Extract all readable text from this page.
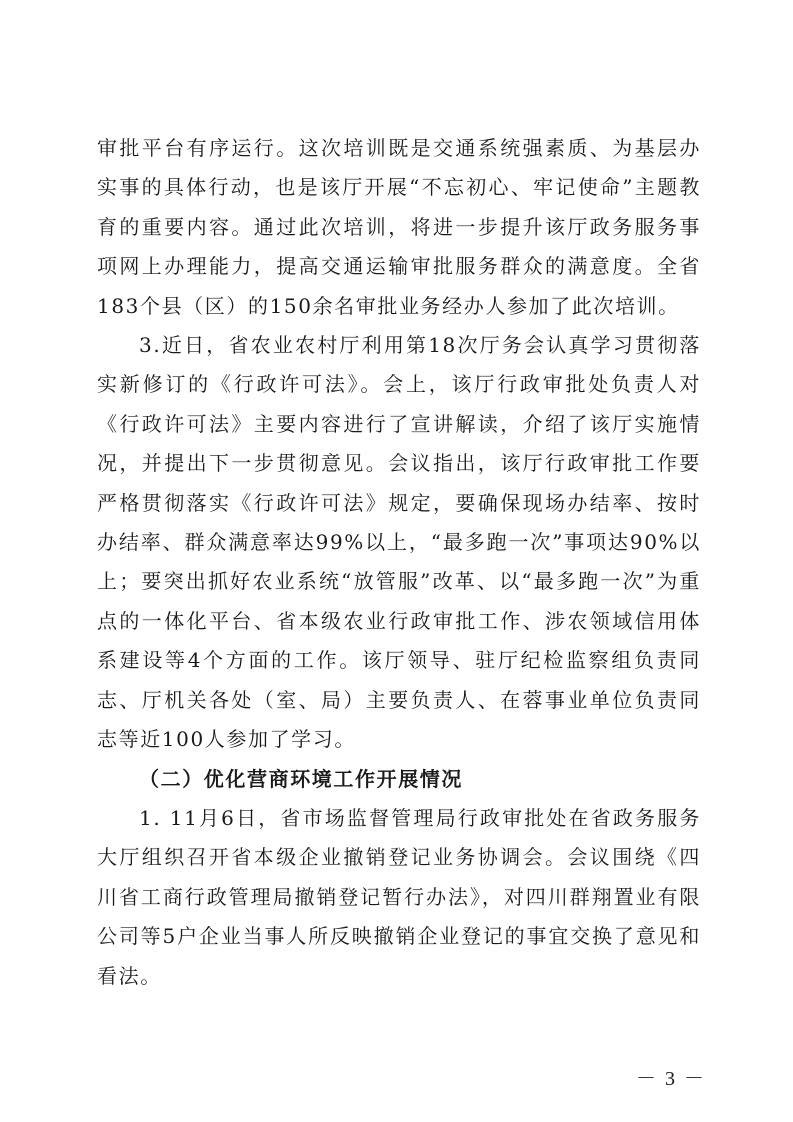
审批平台有序运行。这次培训既是交通系统强素质、为基层办实事的具体行动，也是该厅开展“不忘初心、牢记使命”主题教育的重要内容。通过此次培训，将进一步提升该厅政务服务事项网上办理能力，提高交通运输审批服务群众的满意度。全省183个县（区）的150余名审批业务经办人参加了此次培训。

3.近日，省农业农村厅利用第18次厅务会认真学习贯彻落实新修订的《行政许可法》。会上，该厅行政审批处负责人对《行政许可法》主要内容进行了宣讲解读，介绍了该厅实施情况，并提出下一步贯彻意见。会议指出，该厅行政审批工作要严格贯彻落实《行政许可法》规定，要确保现场办结率、按时办结率、群众满意率达99%以上，“最多跑一次”事项达90%以上；要突出抓好农业系统“放管服”改革、以“最多跑一次”为重点的一体化平台、省本级农业行政审批工作、涉农领域信用体系建设等4个方面的工作。该厅领导、驻厅纪检监察组负责同志、厅机关各处（室、局）主要负责人、在蓉事业单位负责同志等近100人参加了学习。

（二）优化营商环境工作开展情况

1. 11月6日，省市场监督管理局行政审批处在省政务服务大厅组织召开省本级企业撤销登记业务协调会。会议围绕《四川省工商行政管理局撤销登记暂行办法》，对四川群翔置业有限公司等5户企业当事人所反映撤销企业登记的事宜交换了意见和看法。

－ 3 －
